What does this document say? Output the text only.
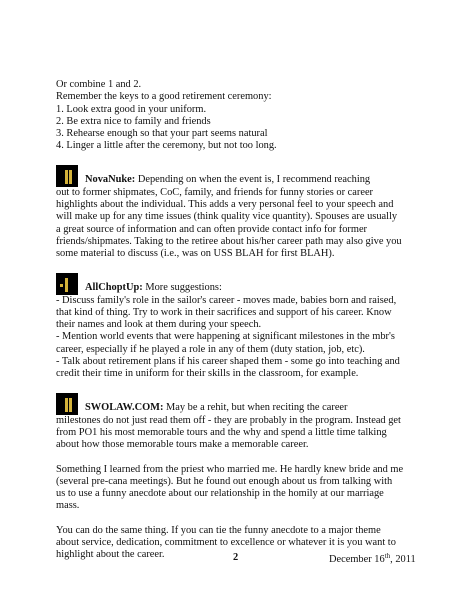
Or combine 1 and 2.
Remember the keys to a good retirement ceremony:
1. Look extra good in your uniform.
2. Be extra nice to family and friends
3. Rehearse enough so that your part seems natural
4. Linger a little after the ceremony, but not too long.
NovaNuke: Depending on when the event is, I recommend reaching
out to former shipmates, CoC, family, and friends for funny stories or career
highlights about the individual. This adds a very personal feel to your speech and
will make up for any time issues (think quality vice quantity). Spouses are usually
a great source of information and can often provide contact info for former
friends/shipmates. Taking to the retiree about his/her career path may also give you
some material to discuss (i.e., was on USS BLAH for first BLAH).
AllChoptUp: More suggestions:
- Discuss family's role in the sailor's career - moves made, babies born and raised,
that kind of thing. Try to work in their sacrifices and support of his career. Know
their names and look at them during your speech.
- Mention world events that were happening at significant milestones in the mbr's
career, especially if he played a role in any of them (duty station, job, etc).
- Talk about retirement plans if his career shaped them - some go into teaching and
credit their time in uniform for their skills in the classroom, for example.
SWOLAW.COM: May be a rehit, but when reciting the career
milestones do not just read them off - they are probably in the program. Instead get
from PO1 his most memorable tours and the why and spend a little time talking
about how those memorable tours make a memorable career.
Something I learned from the priest who married me. He hardly knew bride and me
(several pre-cana meetings). But he found out enough about us from talking with
us to use a funny anecdote about our relationship in the homily at our marriage
mass.
You can do the same thing. If you can tie the funny anecdote to a major theme
about service, dedication, commitment to excellence or whatever it is you want to
highlight about the career.	2	December 16th, 2011
